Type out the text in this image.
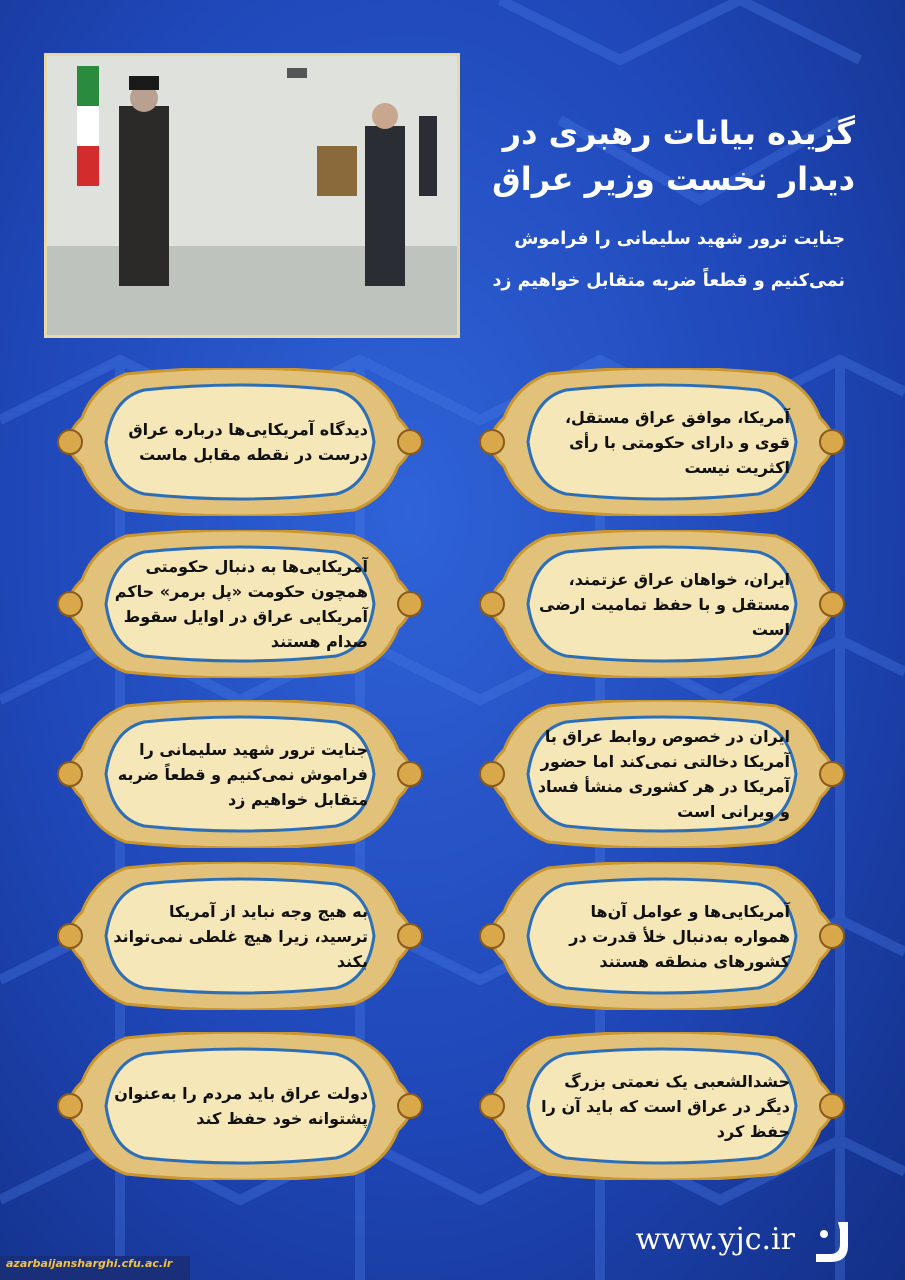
گزیده بیانات رهبری در
دیدار نخست وزیر عراق
جنایت ترور شهید سلیمانی را فراموش
نمی‌کنیم و قطعاً ضربه متقابل خواهیم زد
آمریکا، موافق عراق مستقل، قوی و دارای حکومتی با رأی اکثریت نیست
دیدگاه آمریکایی‌ها درباره عراق درست در نقطه مقابل ماست
ایران، خواهان عراق عزتمند، مستقل و با حفظ تمامیت ارضی است
آمریکایی‌ها به دنبال حکومتی همچون حکومت «پل برمر» حاکم آمریکایی عراق در اوایل سقوط صدام هستند
ایران در خصوص روابط عراق با آمریکا دخالتی نمی‌کند اما حضور آمریکا در هر کشوری منشأ فساد و ویرانی است
جنایت ترور شهید سلیمانی را فراموش نمی‌کنیم و قطعاً ضربه متقابل خواهیم زد
آمریکایی‌ها و عوامل آن‌ها همواره به‌دنبال خلأ قدرت در کشورهای منطقه هستند
به هیج وجه نباید از آمریکا ترسید، زیرا هیچ غلطی نمی‌تواند بکند
حشدالشعبی یک نعمتی بزرگ دیگر در عراق است که باید آن را حفظ کرد
دولت عراق باید مردم را به‌عنوان پشتوانه خود حفظ کند
www.yjc.ir
azarbaijansharghi.cfu.ac.ir
